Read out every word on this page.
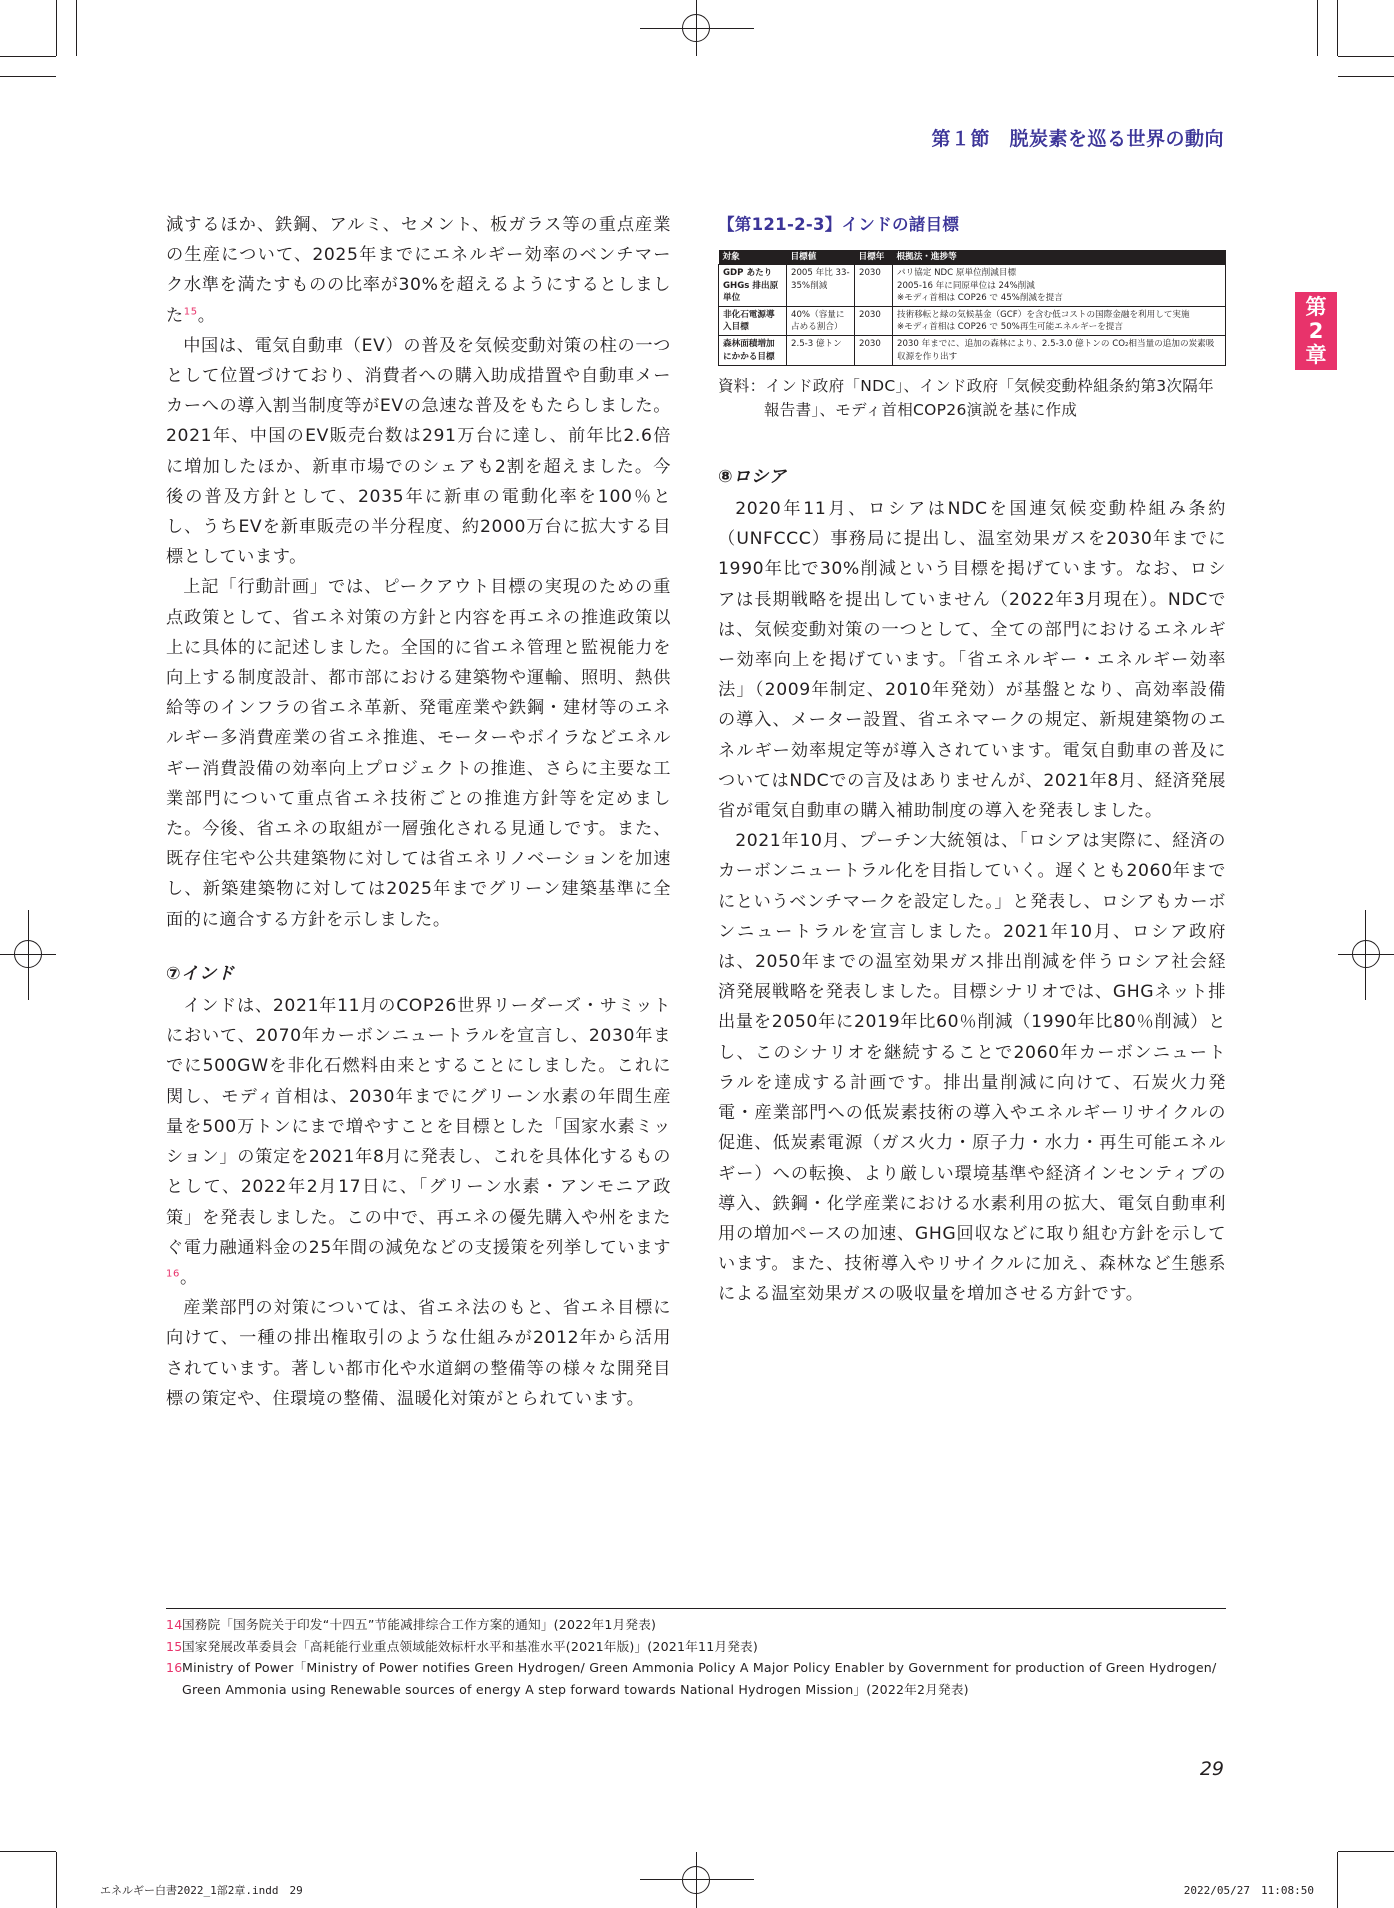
第１節　脱炭素を巡る世界の動向
第
2
章

減するほか、鉄鋼、アルミ、セメント、板ガラス等の重点産業の生産について、2025年までにエネルギー効率のベンチマーク水準を満たすものの比率が30%を超えるようにするとしました$^{15}$。

中国は、電気自動車（EV）の普及を気候変動対策の柱の一つとして位置づけており、消費者への購入助成措置や自動車メーカーへの導入割当制度等がEVの急速な普及をもたらしました。2021年、中国のEV販売台数は291万台に達し、前年比2.6倍に増加したほか、新車市場でのシェアも2割を超えました。今後の普及方針として、2035年に新車の電動化率を100％とし、うちEVを新車販売の半分程度、約2000万台に拡大する目標としています。

上記「行動計画」では、ピークアウト目標の実現のための重点政策として、省エネ対策の方針と内容を再エネの推進政策以上に具体的に記述しました。全国的に省エネ管理と監視能力を向上する制度設計、都市部における建築物や運輸、照明、熱供給等のインフラの省エネ革新、発電産業や鉄鋼・建材等のエネルギー多消費産業の省エネ推進、モーターやボイラなどエネルギー消費設備の効率向上プロジェクトの推進、さらに主要な工業部門について重点省エネ技術ごとの推進方針等を定めました。今後、省エネの取組が一層強化される見通しです。また、既存住宅や公共建築物に対しては省エネリノベーションを加速し、新築建築物に対しては2025年までグリーン建築基準に全面的に適合する方針を示しました。

⑦インド

インドは、2021年11月のCOP26世界リーダーズ・サミットにおいて、2070年カーボンニュートラルを宣言し、2030年までに500GWを非化石燃料由来とすることにしました。これに関し、モディ首相は、2030年までにグリーン水素の年間生産量を500万トンにまで増やすことを目標とした「国家水素ミッション」の策定を2021年8月に発表し、これを具体化するものとして、2022年2月17日に、「グリーン水素・アンモニア政策」を発表しました。この中で、再エネの優先購入や州をまたぐ電力融通料金の25年間の減免などの支援策を列挙しています$^{16}$。

産業部門の対策については、省エネ法のもと、省エネ目標に向けて、一種の排出権取引のような仕組みが2012年から活用されています。著しい都市化や水道網の整備等の様々な開発目標の策定や、住環境の整備、温暖化対策がとられています。

【第121-2-3】インドの諸目標
対象	目標値	目標年	根拠法・進捗等
GDP あたり GHGs 排出原単位	2005 年比 33-35%削減	2030	パリ協定 NDC 原単位削減目標
2005-16 年に同原単位は 24%削減
※モディ首相は COP26 で 45%削減を提言
非化石電源導入目標	40%（容量に占める割合）	2030	技術移転と緑の気候基金（GCF）を含む低コストの国際金融を利用して実施
※モディ首相は COP26 で 50%再生可能エネルギーを提言
森林面積増加にかかる目標	2.5-3 億トン	2030	2030 年までに、追加の森林により、2.5-3.0 億トンの CO₂相当量の追加の炭素吸収源を作り出す
資料：インド政府「NDC」、インド政府「気候変動枠組条約第3次隔年
報告書」、モディ首相COP26演説を基に作成
⑧ロシア

2020年11月、ロシアはNDCを国連気候変動枠組み条約（UNFCCC）事務局に提出し、温室効果ガスを2030年までに1990年比で30%削減という目標を掲げています。なお、ロシアは長期戦略を提出していません（2022年3月現在）。NDCでは、気候変動対策の一つとして、全ての部門におけるエネルギー効率向上を掲げています。「省エネルギー・エネルギー効率法」（2009年制定、2010年発効）が基盤となり、高効率設備の導入、メーター設置、省エネマークの規定、新規建築物のエネルギー効率規定等が導入されています。電気自動車の普及についてはNDCでの言及はありませんが、2021年8月、経済発展省が電気自動車の購入補助制度の導入を発表しました。

2021年10月、プーチン大統領は、「ロシアは実際に、経済のカーボンニュートラル化を目指していく。遅くとも2060年までにというベンチマークを設定した。」と発表し、ロシアもカーボンニュートラルを宣言しました。2021年10月、ロシア政府は、2050年までの温室効果ガス排出削減を伴うロシア社会経済発展戦略を発表しました。目標シナリオでは、GHGネット排出量を2050年に2019年比60％削減（1990年比80％削減）とし、このシナリオを継続することで2060年カーボンニュートラルを達成する計画です。排出量削減に向けて、石炭火力発電・産業部門への低炭素技術の導入やエネルギーリサイクルの促進、低炭素電源（ガス火力・原子力・水力・再生可能エネルギー）への転換、より厳しい環境基準や経済インセンティブの導入、鉄鋼・化学産業における水素利用の拡大、電気自動車利用の増加ペースの加速、GHG回収などに取り組む方針を示しています。また、技術導入やリサイクルに加え、森林など生態系による温室効果ガスの吸収量を増加させる方針です。

14 国務院「国务院关于印发“十四五”节能减排综合工作方案的通知」(2022年1月発表)
15 国家発展改革委員会「高耗能行业重点领域能效标杆水平和基准水平(2021年版)」(2021年11月発表)
16 Ministry of Power「Ministry of Power notifies Green Hydrogen/ Green Ammonia Policy A Major Policy Enabler by Government for production of Green Hydrogen/ Green Ammonia using Renewable sources of energy A step forward towards National Hydrogen Mission」(2022年2月発表)
29
エネルギー白書2022_1部2章.indd　29	2022/05/27　11:08:50
